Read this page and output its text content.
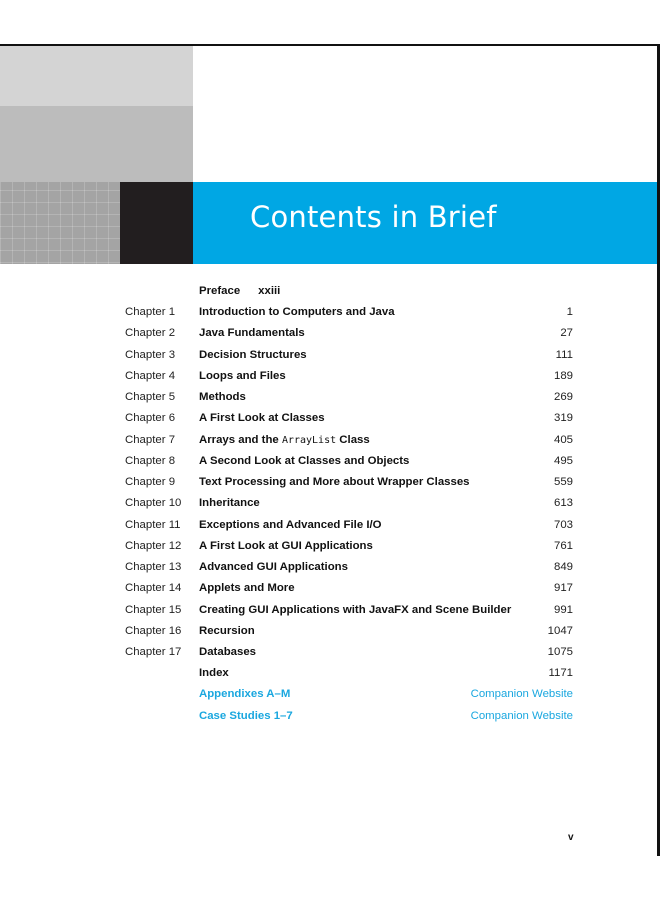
Contents in Brief
Preface xxiii
Chapter 1 Introduction to Computers and Java	1
Chapter 2 Java Fundamentals	27
Chapter 3 Decision Structures	111
Chapter 4 Loops and Files	189
Chapter 5 Methods	269
Chapter 6 A First Look at Classes	319
Chapter 7 Arrays and the ArrayList Class	405
Chapter 8 A Second Look at Classes and Objects	495
Chapter 9 Text Processing and More about Wrapper Classes	559
Chapter 10 Inheritance	613
Chapter 11 Exceptions and Advanced File I/O	703
Chapter 12 A First Look at GUI Applications	761
Chapter 13 Advanced GUI Applications	849
Chapter 14 Applets and More	917
Chapter 15 Creating GUI Applications with JavaFX and Scene Builder	991
Chapter 16 Recursion	1047
Chapter 17 Databases	1075
Index	1171
Appendixes A–M	Companion Website
Case Studies 1–7	Companion Website
v
